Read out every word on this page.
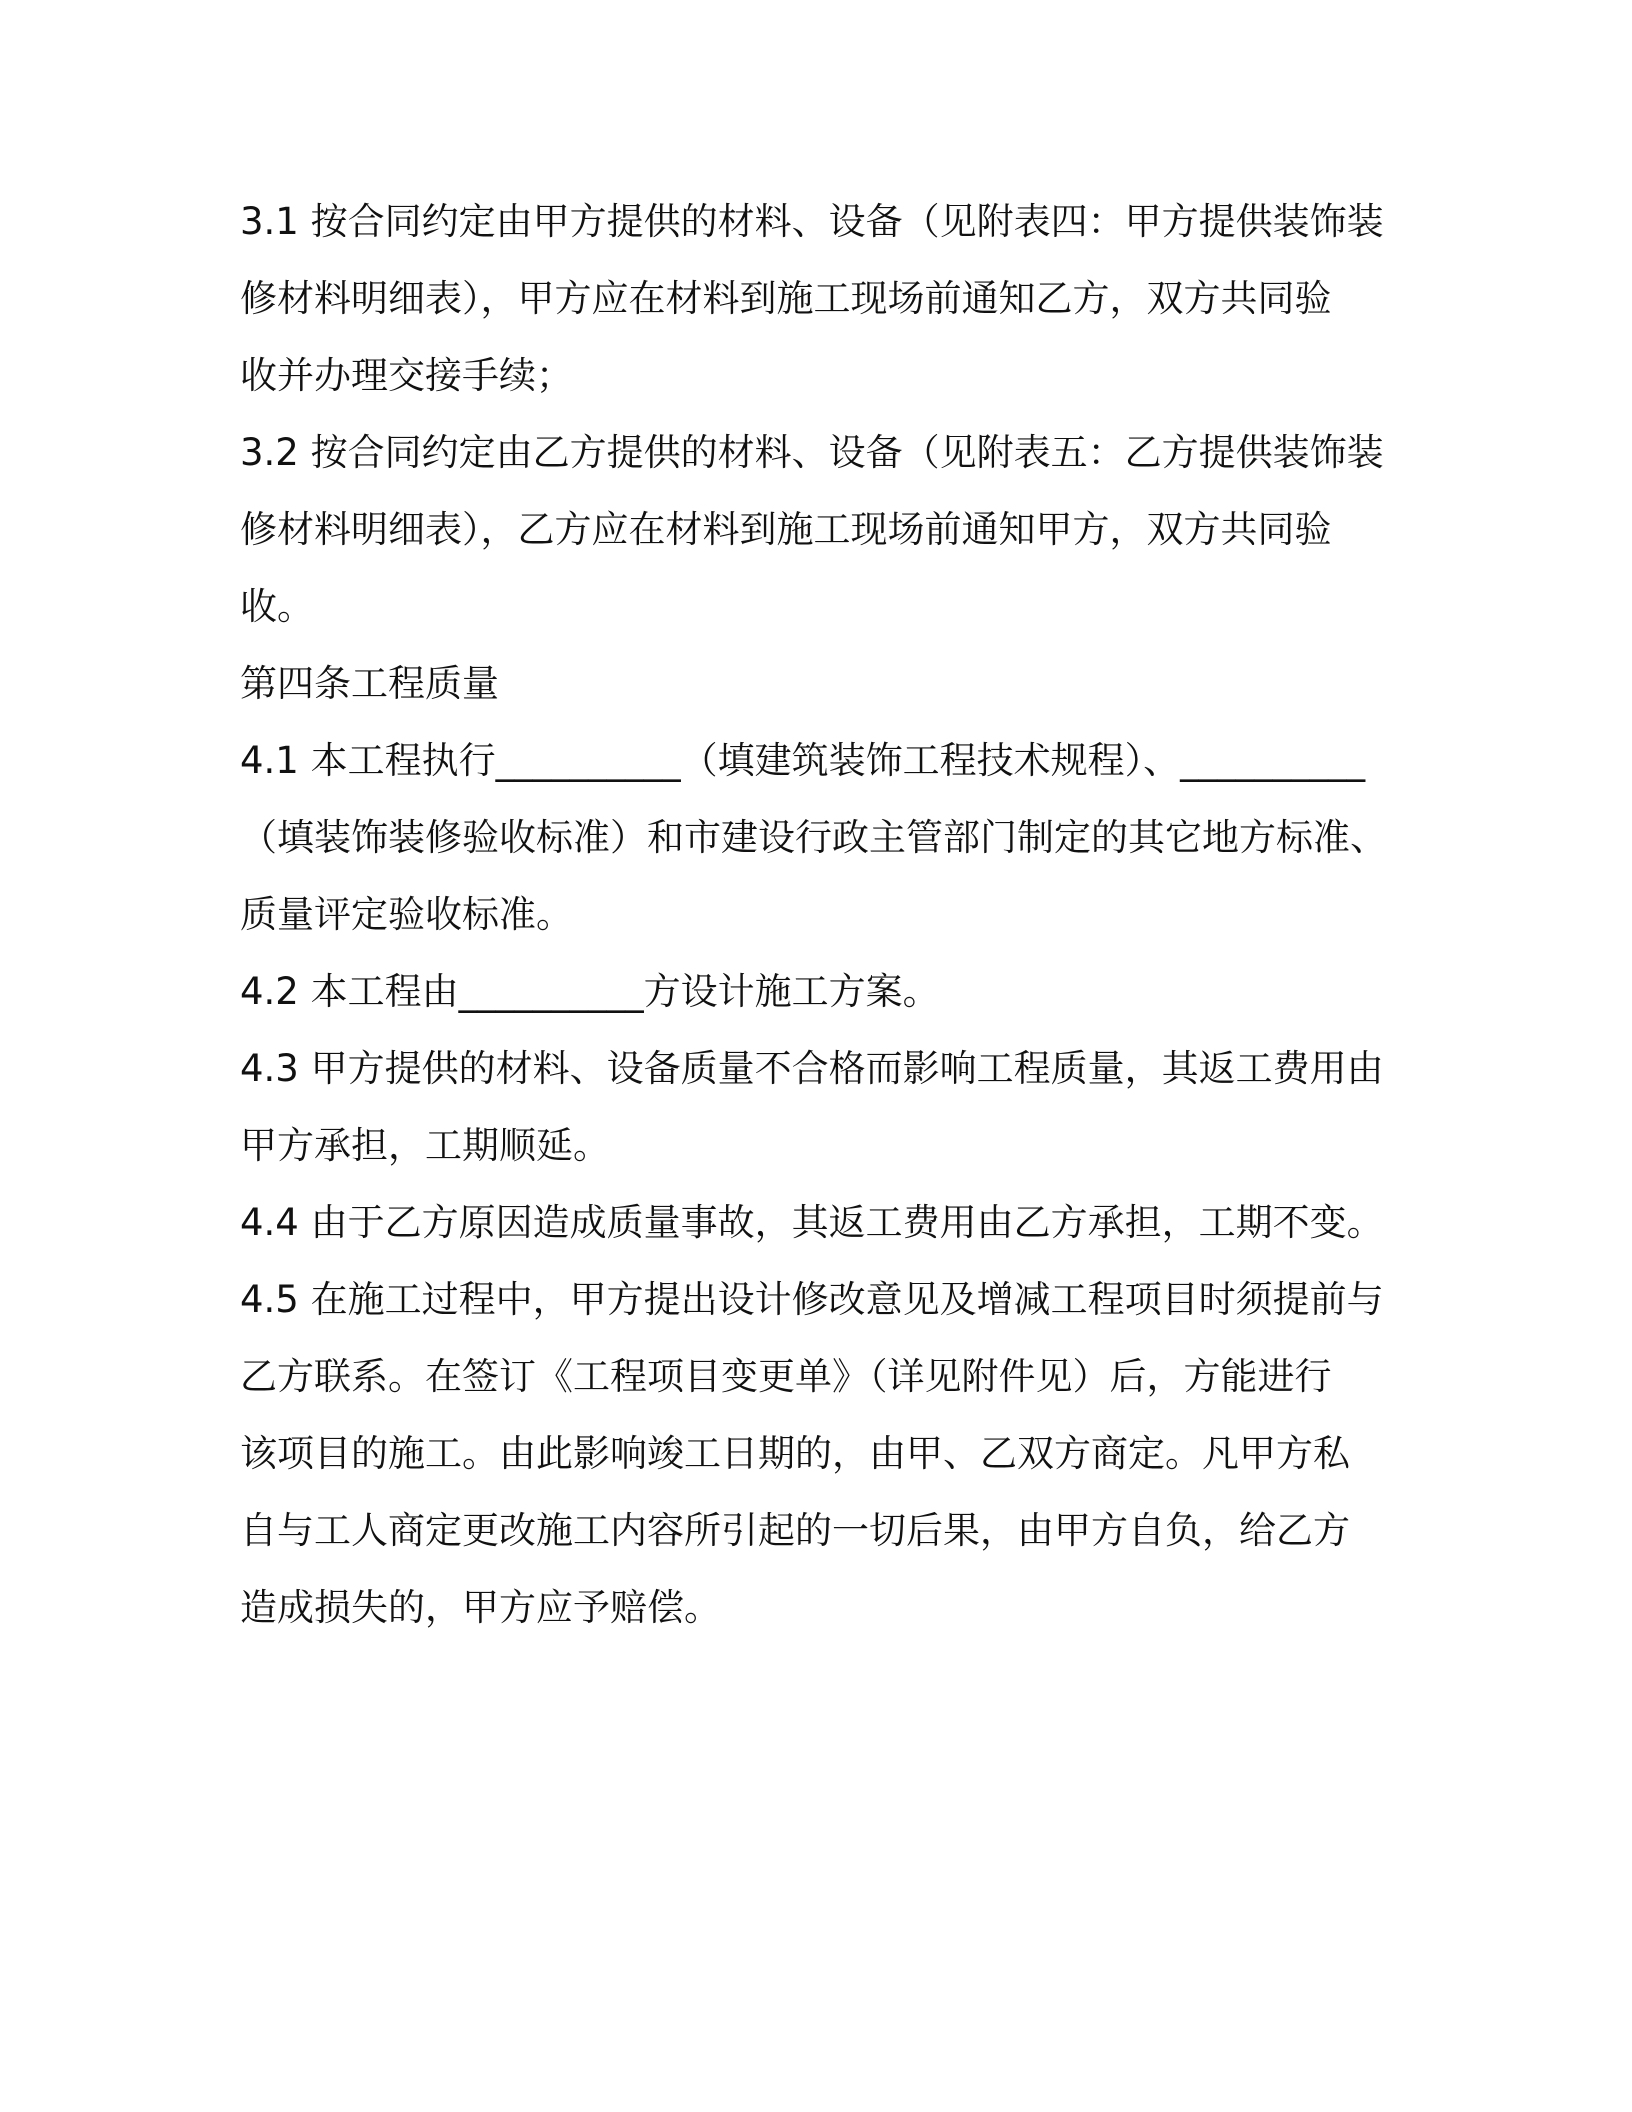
3.1 按合同约定由甲方提供的材料、设备（见附表四：甲方提供装饰装
修材料明细表），甲方应在材料到施工现场前通知乙方，双方共同验
收并办理交接手续；
3.2 按合同约定由乙方提供的材料、设备（见附表五：乙方提供装饰装
修材料明细表），乙方应在材料到施工现场前通知甲方，双方共同验
收。
第四条工程质量
4.1 本工程执行__________（填建筑装饰工程技术规程）、__________
（填装饰装修验收标准）和市建设行政主管部门制定的其它地方标准、
质量评定验收标准。
4.2 本工程由__________方设计施工方案。
4.3 甲方提供的材料、设备质量不合格而影响工程质量，其返工费用由
甲方承担，工期顺延。
4.4 由于乙方原因造成质量事故，其返工费用由乙方承担，工期不变。
4.5 在施工过程中，甲方提出设计修改意见及增减工程项目时须提前与
乙方联系。在签订《工程项目变更单》（详见附件见）后，方能进行
该项目的施工。由此影响竣工日期的，由甲、乙双方商定。凡甲方私
自与工人商定更改施工内容所引起的一切后果，由甲方自负，给乙方
造成损失的，甲方应予赔偿。
